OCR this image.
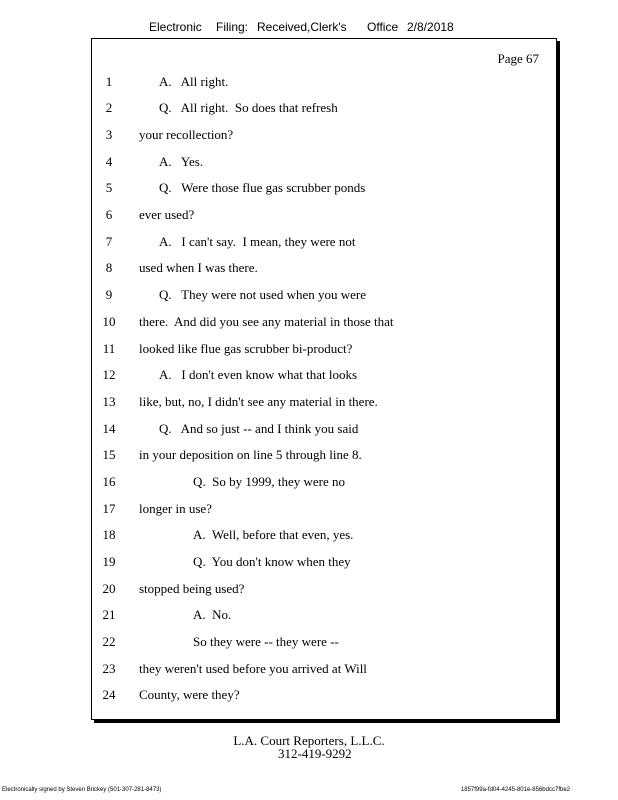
Electronic Filing: Received,Clerk's Office 2/8/2018
Page 67
1	A.   All right.
2	Q.   All right.  So does that refresh
3	your recollection?
4	A.   Yes.
5	Q.   Were those flue gas scrubber ponds
6	ever used?
7	A.   I can't say.  I mean, they were not
8	used when I was there.
9	Q.   They were not used when you were
10	there.  And did you see any material in those that
11	looked like flue gas scrubber bi-product?
12	A.   I don't even know what that looks
13	like, but, no, I didn't see any material in there.
14	Q.   And so just -- and I think you said
15	in your deposition on line 5 through line 8.
16	Q.  So by 1999, they were no
17	longer in use?
18	A.  Well, before that even, yes.
19	Q.  You don't know when they
20	stopped being used?
21	A.  No.
22	So they were -- they were --
23	they weren't used before you arrived at Will
24	County, were they?
L.A. Court Reporters, L.L.C.
312-419-9292
Electronically signed by Steven Brickey (501-307-281-8473)	1857f99a-fd04-4245-801e-856bdcc7fbe2
